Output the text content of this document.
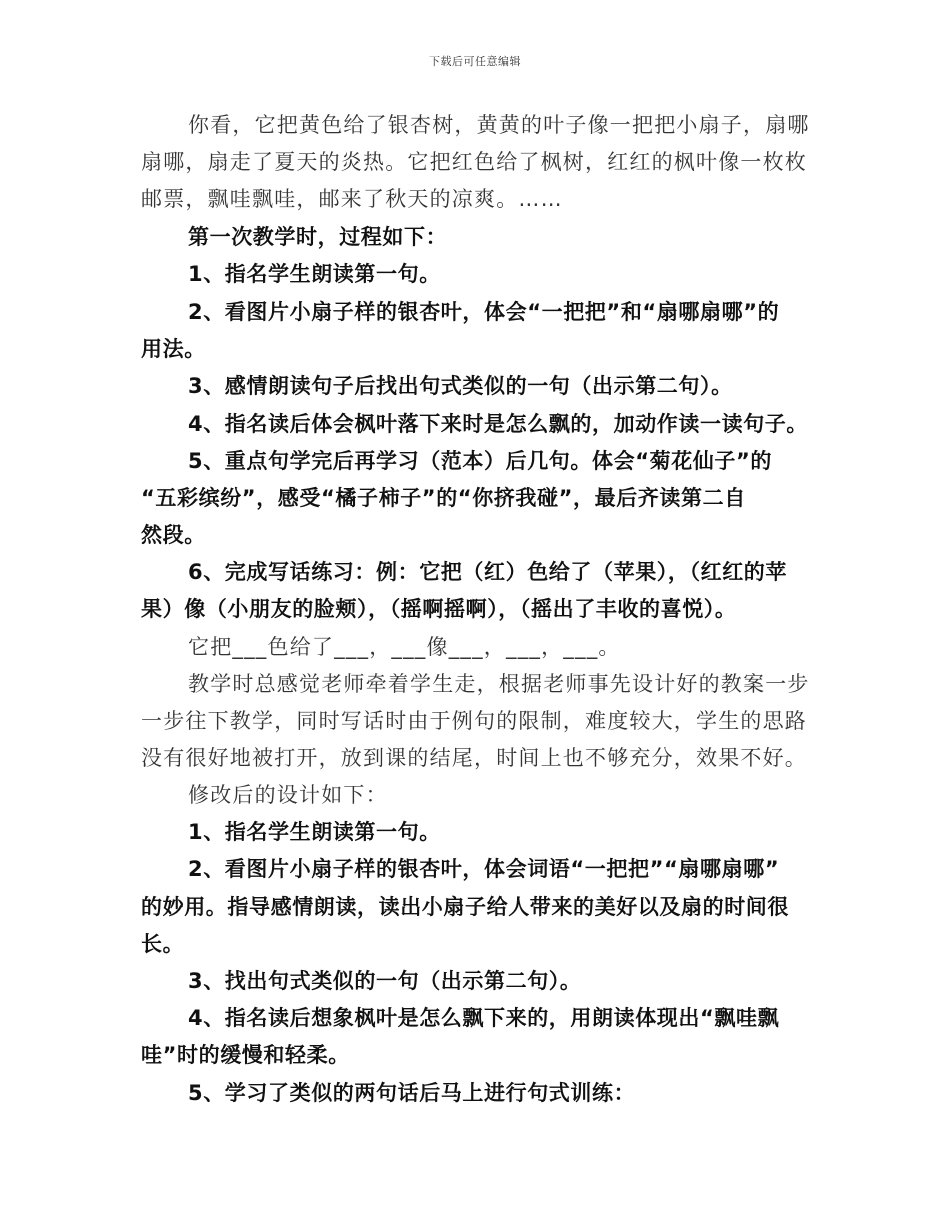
下载后可任意编辑
你看，它把黄色给了银杏树，黄黄的叶子像一把把小扇子，扇哪
扇哪，扇走了夏天的炎热。它把红色给了枫树，红红的枫叶像一枚枚
邮票，飘哇飘哇，邮来了秋天的凉爽。……
第一次教学时，过程如下：
1、指名学生朗读第一句。
2、看图片小扇子样的银杏叶，体会“一把把”和“扇哪扇哪”的
用法。
3、感情朗读句子后找出句式类似的一句（出示第二句）。
4、指名读后体会枫叶落下来时是怎么飘的，加动作读一读句子。
5、重点句学完后再学习（范本）后几句。体会“菊花仙子”的
“五彩缤纷”，感受“橘子柿子”的“你挤我碰”，最后齐读第二自
然段。
6、完成写话练习：例：它把（红）色给了（苹果），（红红的苹
果）像（小朋友的脸颊），（摇啊摇啊），（摇出了丰收的喜悦）。
它把___色给了___，___像___，___，___。
教学时总感觉老师牵着学生走，根据老师事先设计好的教案一步
一步往下教学，同时写话时由于例句的限制，难度较大，学生的思路
没有很好地被打开，放到课的结尾，时间上也不够充分，效果不好。
修改后的设计如下：
1、指名学生朗读第一句。
2、看图片小扇子样的银杏叶，体会词语“一把把”“扇哪扇哪”
的妙用。指导感情朗读，读出小扇子给人带来的美好以及扇的时间很
长。
3、找出句式类似的一句（出示第二句）。
4、指名读后想象枫叶是怎么飘下来的，用朗读体现出“飘哇飘
哇”时的缓慢和轻柔。
5、学习了类似的两句话后马上进行句式训练：
